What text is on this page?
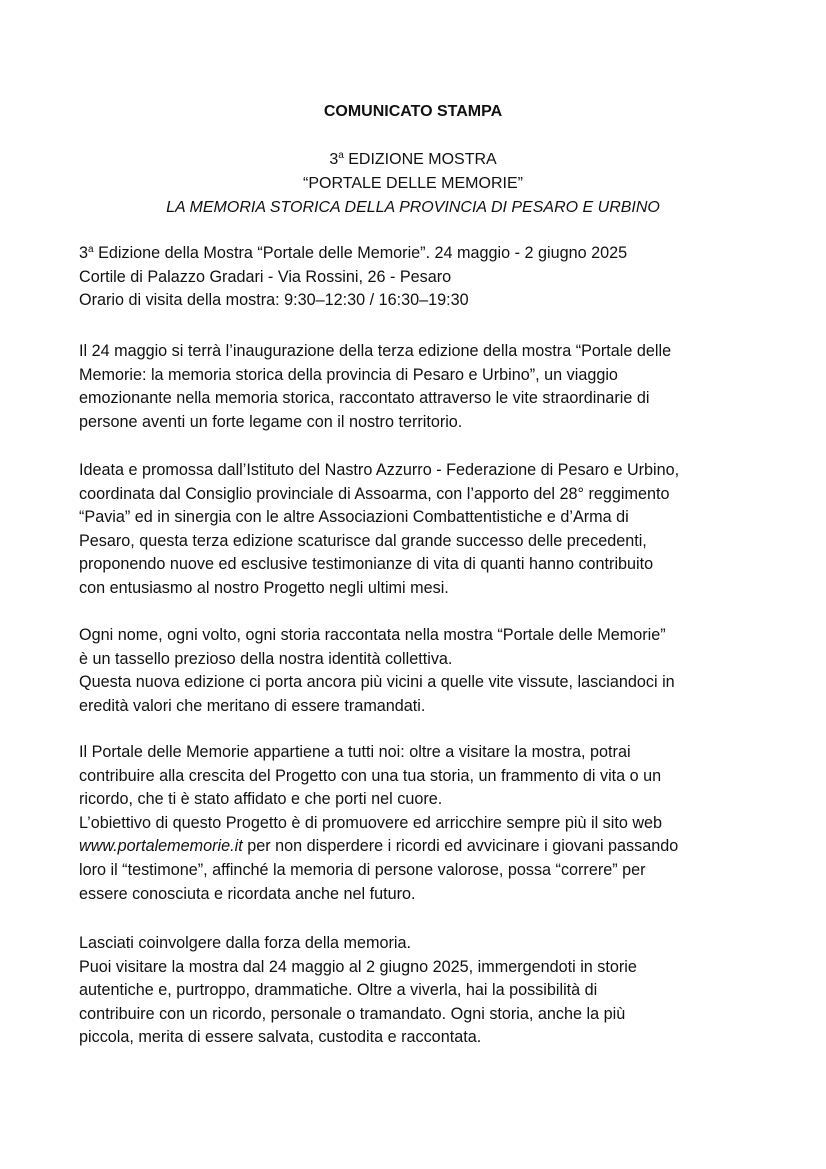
COMUNICATO STAMPA
3$^a$ EDIZIONE MOSTRA
“PORTALE DELLE MEMORIE”
LA MEMORIA STORICA DELLA PROVINCIA DI PESARO E URBINO

3$^a$ Edizione della Mostra “Portale delle Memorie”. 24 maggio - 2 giugno 2025

Cortile di Palazzo Gradari - Via Rossini, 26 - Pesaro

Orario di visita della mostra: 9:30–12:30 / 16:30–19:30

Il 24 maggio si terrà l’inaugurazione della terza edizione della mostra “Portale delle

Memorie: la memoria storica della provincia di Pesaro e Urbino”, un viaggio

emozionante nella memoria storica, raccontato attraverso le vite straordinarie di

persone aventi un forte legame con il nostro territorio.

Ideata e promossa dall’Istituto del Nastro Azzurro - Federazione di Pesaro e Urbino,

coordinata dal Consiglio provinciale di Assoarma, con l’apporto del 28° reggimento

“Pavia” ed in sinergia con le altre Associazioni Combattentistiche e d’Arma di

Pesaro, questa terza edizione scaturisce dal grande successo delle precedenti,

proponendo nuove ed esclusive testimonianze di vita di quanti hanno contribuito

con entusiasmo al nostro Progetto negli ultimi mesi.

Ogni nome, ogni volto, ogni storia raccontata nella mostra “Portale delle Memorie”

è un tassello prezioso della nostra identità collettiva.

Questa nuova edizione ci porta ancora più vicini a quelle vite vissute, lasciandoci in

eredità valori che meritano di essere tramandati.

Il Portale delle Memorie appartiene a tutti noi: oltre a visitare la mostra, potrai

contribuire alla crescita del Progetto con una tua storia, un frammento di vita o un

ricordo, che ti è stato affidato e che porti nel cuore.

L’obiettivo di questo Progetto è di promuovere ed arricchire sempre più il sito web

www.portalememorie.it per non disperdere i ricordi ed avvicinare i giovani passando

loro il “testimone”, affinché la memoria di persone valorose, possa “correre” per

essere conosciuta e ricordata anche nel futuro.

Lasciati coinvolgere dalla forza della memoria.

Puoi visitare la mostra dal 24 maggio al 2 giugno 2025, immergendoti in storie

autentiche e, purtroppo, drammatiche. Oltre a viverla, hai la possibilità di

contribuire con un ricordo, personale o tramandato. Ogni storia, anche la più

piccola, merita di essere salvata, custodita e raccontata.
